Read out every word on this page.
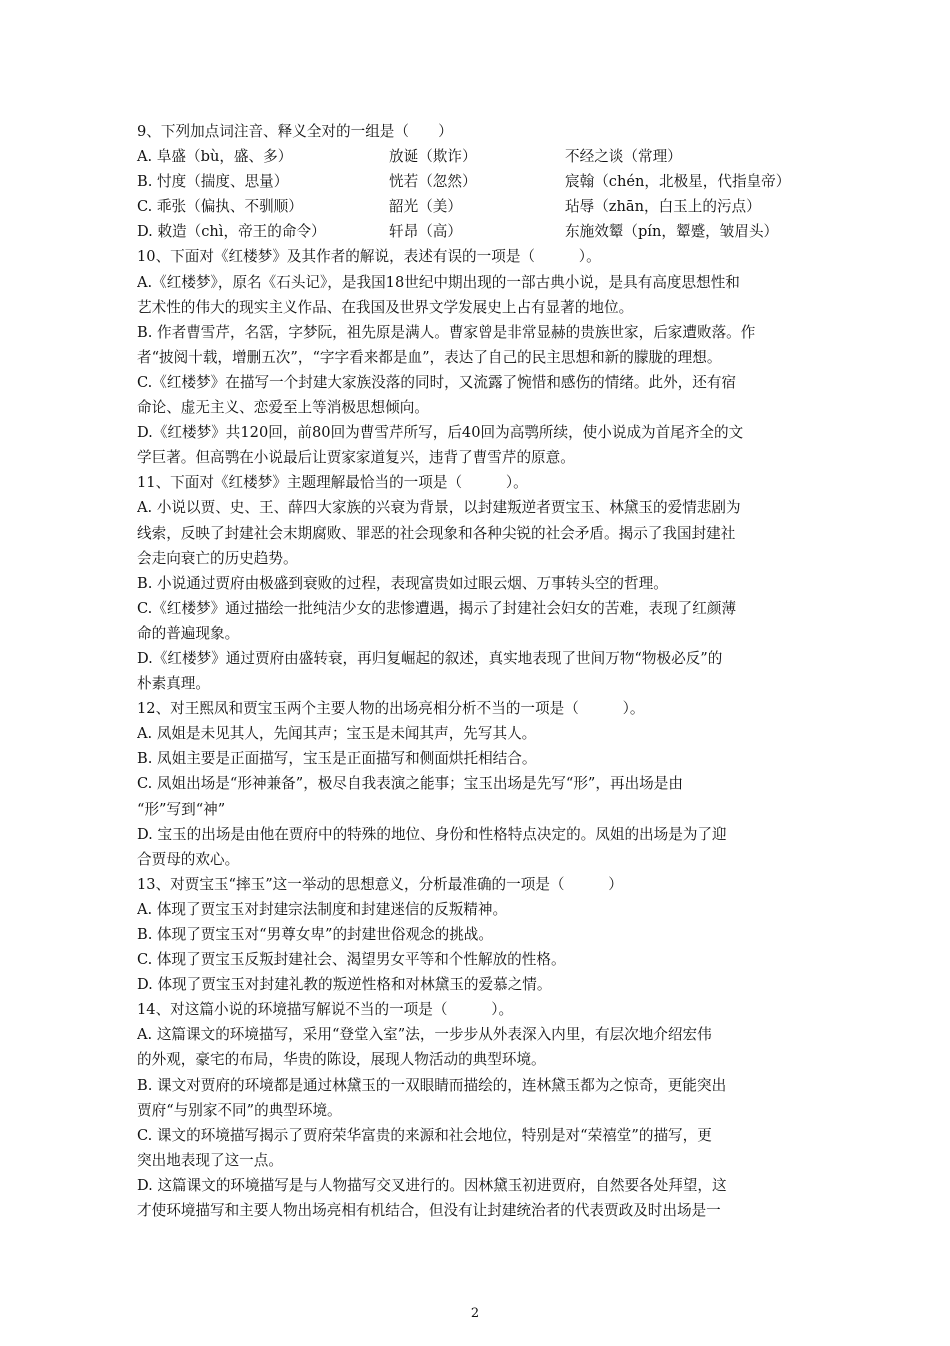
9、下列加点词注音、释义全对的一组是（　　）
A. 阜盛（bù，盛、多）	放诞（欺诈）	不经之谈（常理）
B. 忖度（揣度、思量）	恍若（忽然）	宸翰（chén，北极星，代指皇帝）
C. 乖张（偏执、不驯顺）	韶光（美）	玷辱（zhān，白玉上的污点）
D. 敕造（chì，帝王的命令）	轩昂（高）	东施效颦（pín，颦蹙，皱眉头）
10、下面对《红楼梦》及其作者的解说，表述有误的一项是（　　　）。
A.《红楼梦》，原名《石头记》，是我国18世纪中期出现的一部古典小说，是具有高度思想性和
艺术性的伟大的现实主义作品、在我国及世界文学发展史上占有显著的地位。
B. 作者曹雪芹，名霑，字梦阮，祖先原是满人。曹家曾是非常显赫的贵族世家，后家遭败落。作
者“披阅十载，增删五次”，“字字看来都是血”，表达了自己的民主思想和新的朦胧的理想。
C.《红楼梦》在描写一个封建大家族没落的同时，又流露了惋惜和感伤的情绪。此外，还有宿
命论、虚无主义、恋爱至上等消极思想倾向。
D.《红楼梦》共120回，前80回为曹雪芹所写，后40回为高鹗所续，使小说成为首尾齐全的文
学巨著。但高鹗在小说最后让贾家家道复兴，违背了曹雪芹的原意。
11、下面对《红楼梦》主题理解最恰当的一项是（　　　）。
A. 小说以贾、史、王、薛四大家族的兴衰为背景，以封建叛逆者贾宝玉、林黛玉的爱情悲剧为
线索，反映了封建社会末期腐败、罪恶的社会现象和各种尖锐的社会矛盾。揭示了我国封建社
会走向衰亡的历史趋势。
B. 小说通过贾府由极盛到衰败的过程，表现富贵如过眼云烟、万事转头空的哲理。
C.《红楼梦》通过描绘一批纯洁少女的悲惨遭遇，揭示了封建社会妇女的苦难，表现了红颜薄
命的普遍现象。
D.《红楼梦》通过贾府由盛转衰，再归复崛起的叙述，真实地表现了世间万物“物极必反”的
朴素真理。
12、对王熙凤和贾宝玉两个主要人物的出场亮相分析不当的一项是（　　　）。
A. 凤姐是未见其人，先闻其声；宝玉是未闻其声，先写其人。
B. 凤姐主要是正面描写，宝玉是正面描写和侧面烘托相结合。
C. 凤姐出场是“形神兼备”，极尽自我表演之能事；宝玉出场是先写“形”，再出场是由
“形”写到“神”
D. 宝玉的出场是由他在贾府中的特殊的地位、身份和性格特点决定的。凤姐的出场是为了迎
合贾母的欢心。
13、对贾宝玉“摔玉”这一举动的思想意义，分析最准确的一项是（　　　）
A. 体现了贾宝玉对封建宗法制度和封建迷信的反叛精神。
B. 体现了贾宝玉对“男尊女卑”的封建世俗观念的挑战。
C. 体现了贾宝玉反叛封建社会、渴望男女平等和个性解放的性格。
D. 体现了贾宝玉对封建礼教的叛逆性格和对林黛玉的爱慕之情。
14、对这篇小说的环境描写解说不当的一项是（　　　）。
A. 这篇课文的环境描写，采用“登堂入室”法，一步步从外表深入内里，有层次地介绍宏伟
的外观，豪宅的布局，华贵的陈设，展现人物活动的典型环境。
B. 课文对贾府的环境都是通过林黛玉的一双眼睛而描绘的，连林黛玉都为之惊奇，更能突出
贾府“与别家不同”的典型环境。
C. 课文的环境描写揭示了贾府荣华富贵的来源和社会地位，特别是对“荣禧堂”的描写，更
突出地表现了这一点。
D. 这篇课文的环境描写是与人物描写交叉进行的。因林黛玉初进贾府，自然要各处拜望，这
才使环境描写和主要人物出场亮相有机结合，但没有让封建统治者的代表贾政及时出场是一
2
